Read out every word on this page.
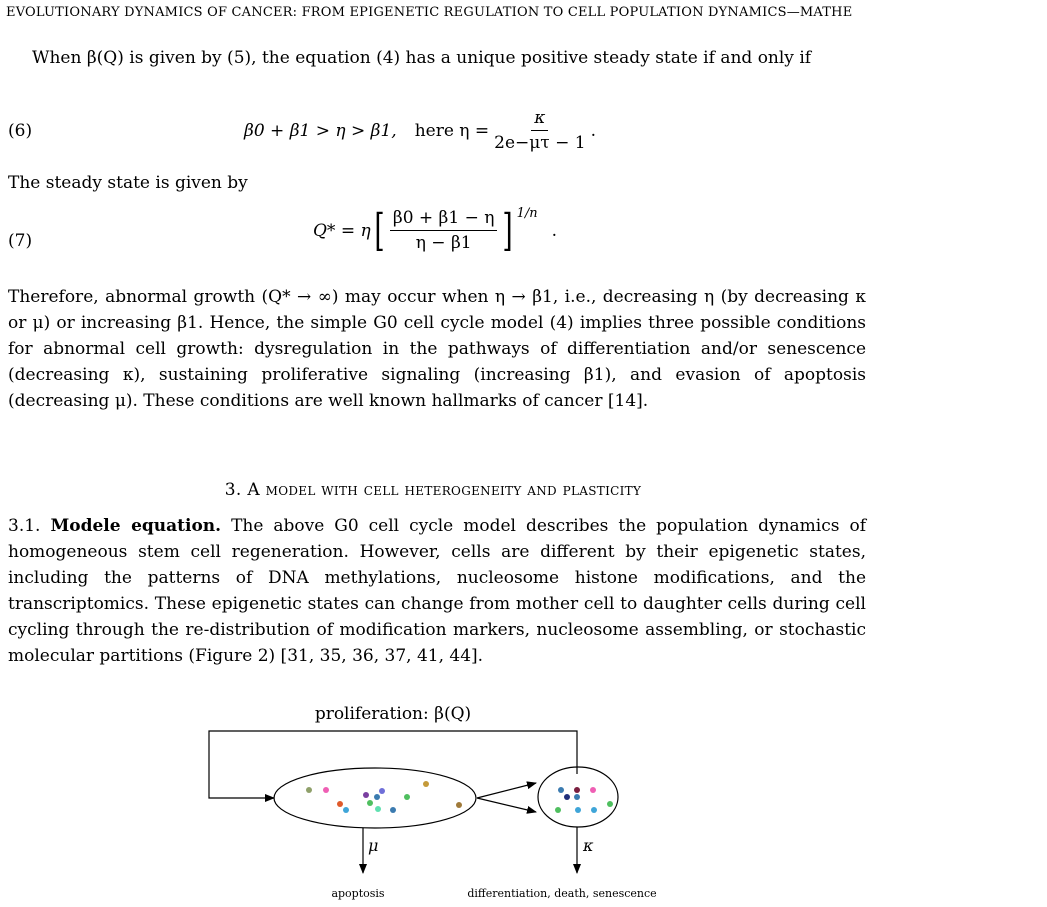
EVOLUTIONARY DYNAMICS OF CANCER: FROM EPIGENETIC REGULATION TO CELL POPULATION DYNAMICS—MATHE

When β(Q) is given by (5), the equation (4) has a unique positive steady state if and only if

(6)	β0 + β1 > η > β1, here $\eta = \frac{\kappa}{2e-\mu\tau - 1}$ .

The steady state is given by

(7)
Q* = η [ $\frac{\beta 0 + \beta 1 - \eta}{\eta - \beta 1}$ ] 1/n
.

Therefore, abnormal growth (Q* → ∞) may occur when η → β1, i.e., decreasing η (by decreasing κ or μ) or increasing β1. Hence, the simple G0 cell cycle model (4) implies three possible conditions for abnormal cell growth: dysregulation in the pathways of differentiation and/or senescence (decreasing κ), sustaining proliferative signaling (increasing β1), and evasion of apoptosis (decreasing μ). These conditions are well known hallmarks of cancer [14].

3. A model with cell heterogeneity and plasticity

3.1. Modele equation. The above G0 cell cycle model describes the population dynamics of homogeneous stem cell regeneration. However, cells are different by their epigenetic states, including the patterns of DNA methylations, nucleosome histone modifications, and the transcriptomics. These epigenetic states can change from mother cell to daughter cells during cell cycling through the re-distribution of modification markers, nucleosome assembling, or stochastic molecular partitions (Figure 2) [31, 35, 36, 37, 41, 44].

proliferation: β(Q)
μ	κ
apoptosis	differentiation, death, senescence
